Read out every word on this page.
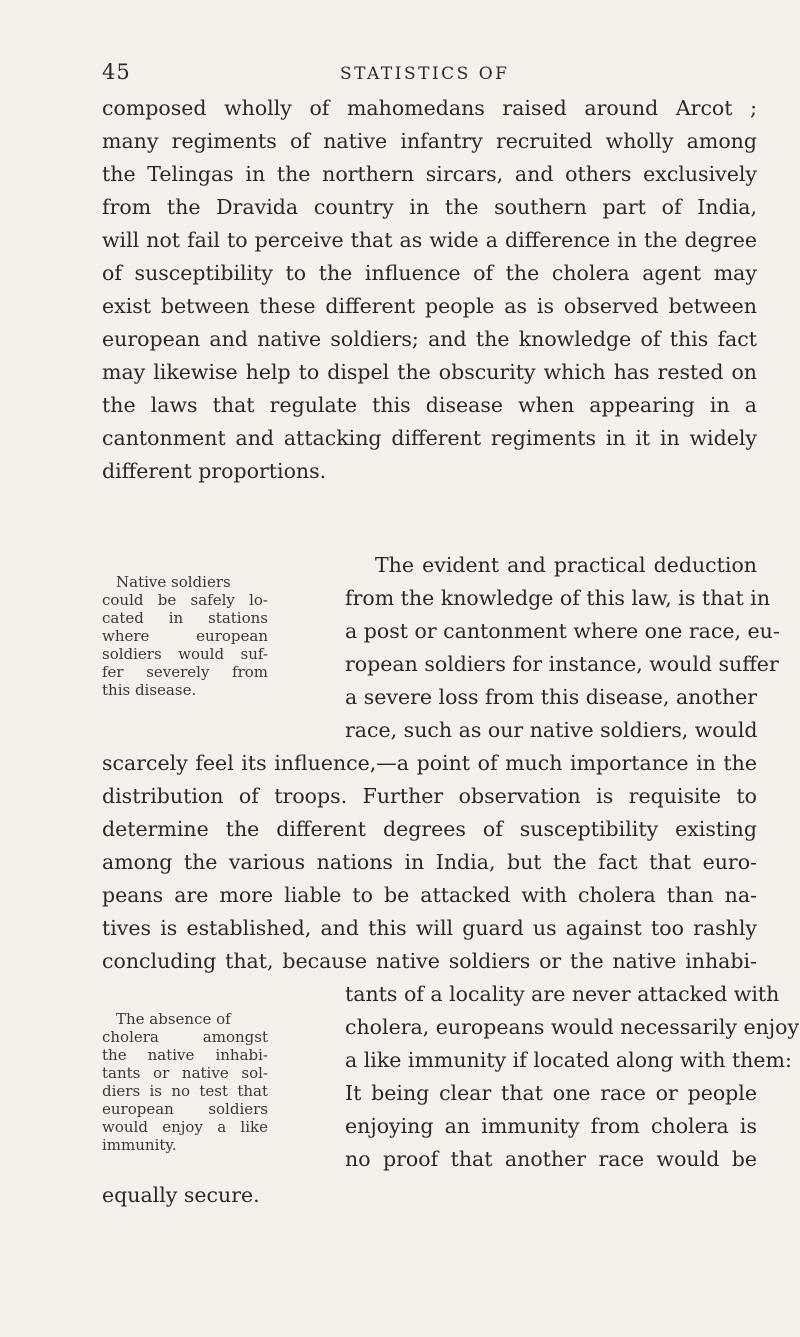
45	STATISTICS OF
composed wholly of mahomedans raised around Arcot ;
many regiments of native infantry recruited wholly among
the Telingas in the northern sircars, and others exclusively
from the Dravida country in the southern part of India,
will not fail to perceive that as wide a difference in the degree
of susceptibility to the influence of the cholera agent may
exist between these different people as is observed between
european and native soldiers; and the knowledge of this fact
may likewise help to dispel the obscurity which has rested on
the laws that regulate this disease when appearing in a
cantonment and attacking different regiments in it in widely
different proportions.
Native soldiers
could be safely lo-
cated in stations
where european
soldiers would suf-
fer severely from
this disease.
The evident and practical deduction
from the knowledge of this law, is that in
a post or cantonment where one race, eu-
ropean soldiers for instance, would suffer
a severe loss from this disease, another
race, such as our native soldiers, would
scarcely feel its influence,—a point of much importance in the
distribution of troops. Further observation is requisite to
determine the different degrees of susceptibility existing
among the various nations in India, but the fact that euro-
peans are more liable to be attacked with cholera than na-
tives is established, and this will guard us against too rashly
concluding that, because native soldiers or the native inhabi-
tants of a locality are never attacked with
cholera, europeans would necessarily enjoy
a like immunity if located along with them:
It being clear that one race or people
enjoying an immunity from cholera is
no proof that another race would be
equally secure.
The absence of
cholera amongst
the native inhabi-
tants or native sol-
diers is no test that
european soldiers
would enjoy a like
immunity.
